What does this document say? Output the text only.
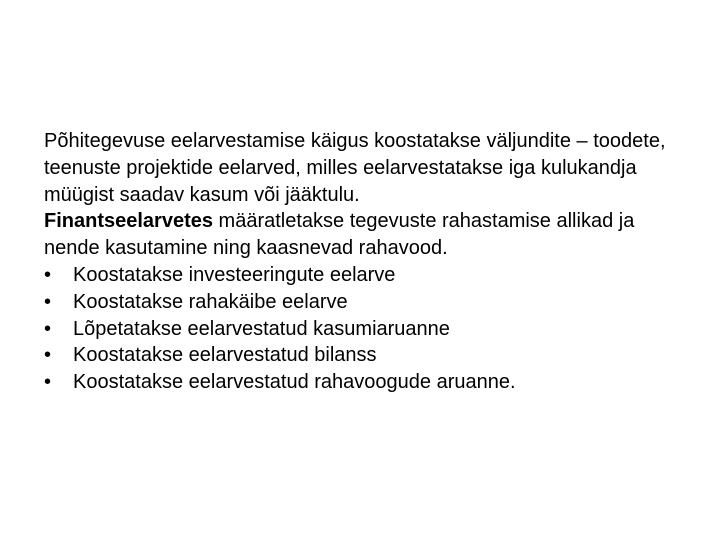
Põhitegevuse eelarvestamise käigus koostatakse väljundite – toodete, teenuste projektide eelarved, milles eelarvestatakse iga kulukandja müügist saadav kasum või jääktulu.

Finantseelarvetes määratletakse tegevuste rahastamise allikad ja nende kasutamine ning kaasnevad rahavood.

•	Koostatakse investeeringute eelarve
•	Koostatakse rahakäibe eelarve
•	Lõpetatakse eelarvestatud kasumiaruanne
•	Koostatakse eelarvestatud bilanss
•	Koostatakse eelarvestatud rahavoogude aruanne.
